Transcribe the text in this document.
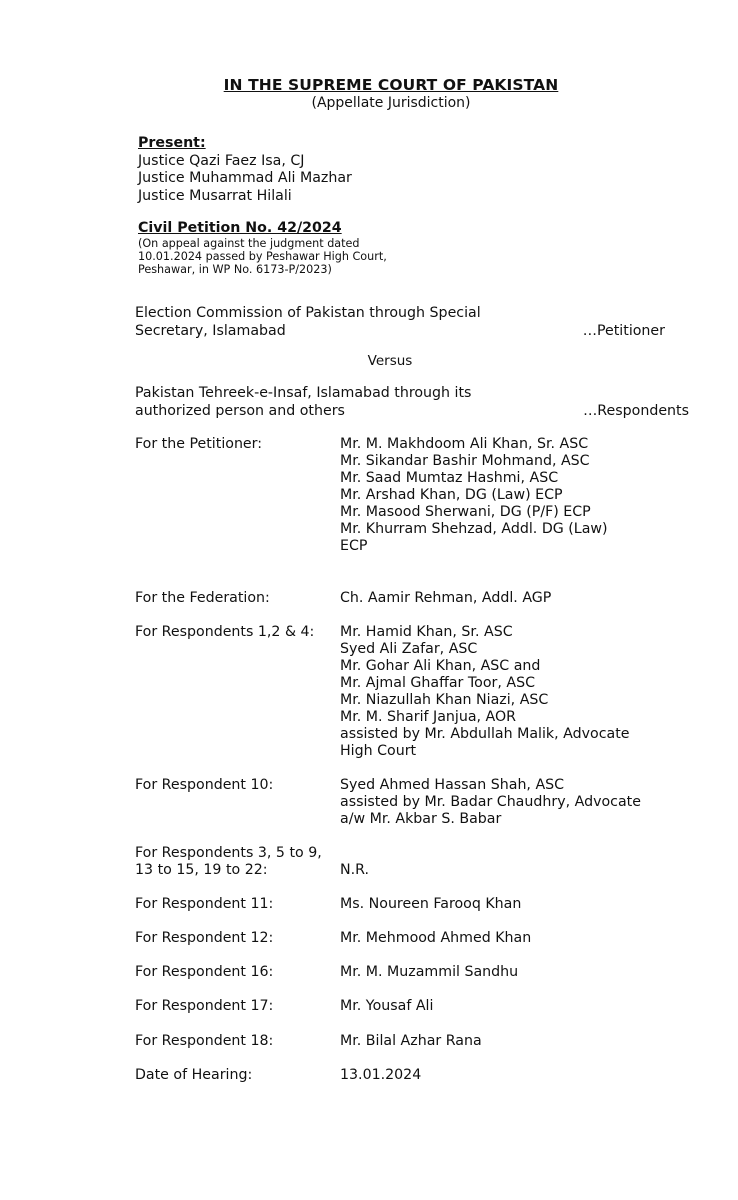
IN THE SUPREME COURT OF PAKISTAN
(Appellate Jurisdiction)
Present:
Justice Qazi Faez Isa, CJ
Justice Muhammad Ali Mazhar
Justice Musarrat Hilali
Civil Petition No. 42/2024
(On appeal against the judgment dated
10.01.2024 passed by Peshawar High Court,
Peshawar, in WP No. 6173-P/2023)
Election Commission of Pakistan through Special
Secretary, Islamabad	…Petitioner
Versus
Pakistan Tehreek-e-Insaf, Islamabad through its
authorized person and others	…Respondents
For the Petitioner:	Mr. M. Makhdoom Ali Khan, Sr. ASC
Mr. Sikandar Bashir Mohmand, ASC
Mr. Saad Mumtaz Hashmi, ASC
Mr. Arshad Khan, DG (Law) ECP
Mr. Masood Sherwani, DG (P/F) ECP
Mr. Khurram Shehzad, Addl. DG (Law)
ECP
For the Federation:	Ch. Aamir Rehman, Addl. AGP
For Respondents 1,2 & 4:	Mr. Hamid Khan, Sr. ASC
Syed Ali Zafar, ASC
Mr. Gohar Ali Khan, ASC and
Mr. Ajmal Ghaffar Toor, ASC
Mr. Niazullah Khan Niazi, ASC
Mr. M. Sharif Janjua, AOR
assisted by Mr. Abdullah Malik, Advocate
High Court
For Respondent 10:	Syed Ahmed Hassan Shah, ASC
assisted by Mr. Badar Chaudhry, Advocate
a/w Mr. Akbar S. Babar
For Respondents 3, 5 to 9,
13 to 15, 19 to 22:
	N.R.
For Respondent 11:	Ms. Noureen Farooq Khan
For Respondent 12:	Mr. Mehmood Ahmed Khan
For Respondent 16:	Mr. M. Muzammil Sandhu
For Respondent 17:	Mr. Yousaf Ali
For Respondent 18:	Mr. Bilal Azhar Rana
Date of Hearing:	13.01.2024
